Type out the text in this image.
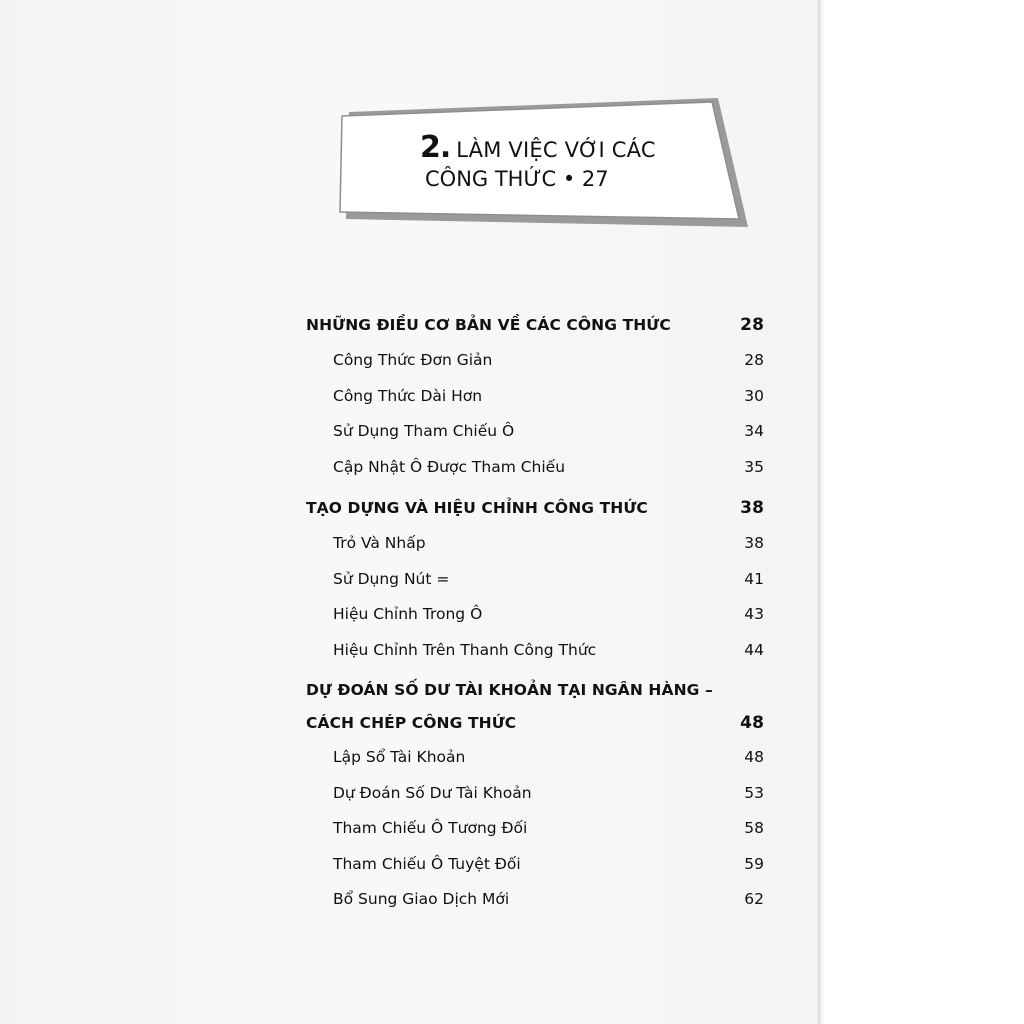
2. LÀM VIỆC VỚI CÁC
CÔNG THỨC • 27
NHỮNG ĐIỀU CƠ BẢN VỀ CÁC CÔNG THỨC	28
Công Thức Đơn Giản	28
Công Thức Dài Hơn	30
Sử Dụng Tham Chiếu Ô	34
Cập Nhật Ô Được Tham Chiếu	35
TẠO DỰNG VÀ HIỆU CHỈNH CÔNG THỨC	38
Trỏ Và Nhấp	38
Sử Dụng Nút =	41
Hiệu Chỉnh Trong Ô	43
Hiệu Chỉnh Trên Thanh Công Thức	44
DỰ ĐOÁN SỐ DƯ TÀI KHOẢN TẠI NGÂN HÀNG –
CÁCH CHÉP CÔNG THỨC	48
Lập Sổ Tài Khoản	48
Dự Đoán Số Dư Tài Khoản	53
Tham Chiếu Ô Tương Đối	58
Tham Chiếu Ô Tuyệt Đối	59
Bổ Sung Giao Dịch Mới	62
